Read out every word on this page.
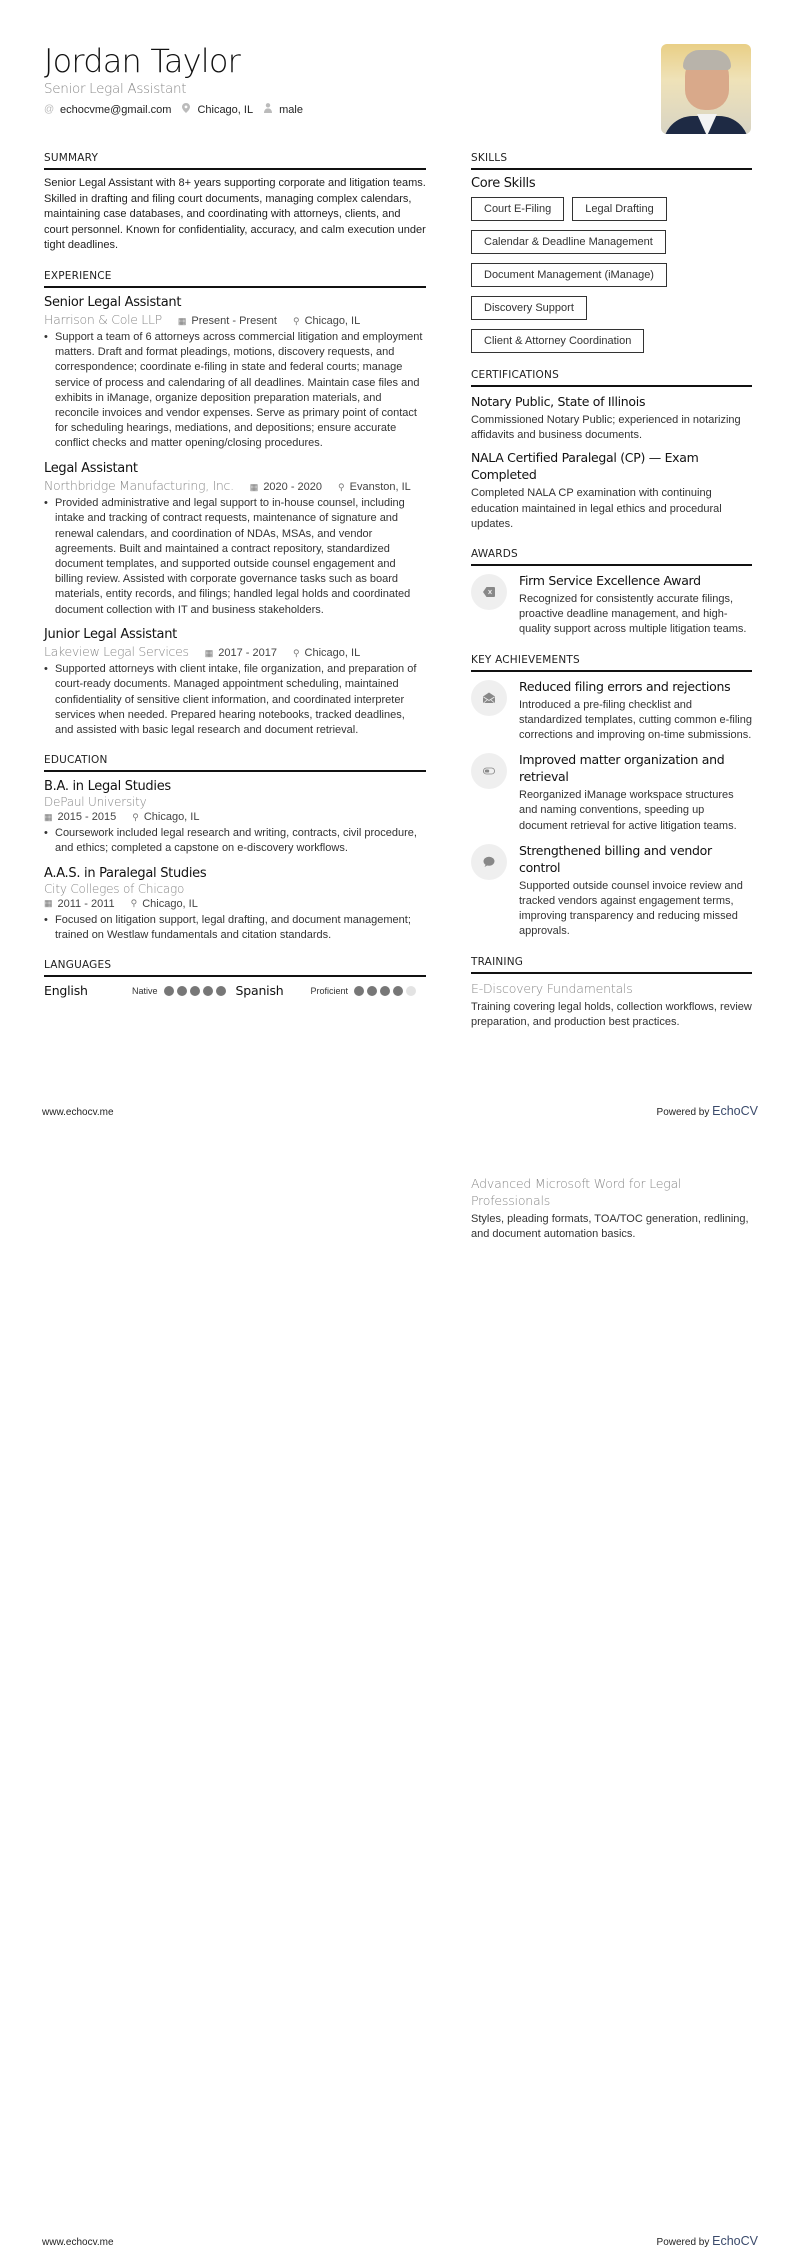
Jordan Taylor
Senior Legal Assistant
@ echocvme@gmail.com Chicago, IL male
SUMMARY
Senior Legal Assistant with 8+ years supporting corporate and litigation teams. Skilled in drafting and filing court documents, managing complex calendars, maintaining case databases, and coordinating with attorneys, clients, and court personnel. Known for confidentiality, accuracy, and calm execution under tight deadlines.
EXPERIENCE
Senior Legal Assistant
Harrison & Cole LLP ▦ Present - Present ⚲ Chicago, IL
• Support a team of 6 attorneys across commercial litigation and employment matters. Draft and format pleadings, motions, discovery requests, and correspondence; coordinate e-filing in state and federal courts; manage service of process and calendaring of all deadlines. Maintain case files and exhibits in iManage, organize deposition preparation materials, and reconcile invoices and vendor expenses. Serve as primary point of contact for scheduling hearings, mediations, and depositions; ensure accurate conflict checks and matter opening/closing procedures.
Legal Assistant
Northbridge Manufacturing, Inc. ▦ 2020 - 2020 ⚲ Evanston, IL
• Provided administrative and legal support to in-house counsel, including intake and tracking of contract requests, maintenance of signature and renewal calendars, and coordination of NDAs, MSAs, and vendor agreements. Built and maintained a contract repository, standardized document templates, and supported outside counsel engagement and billing review. Assisted with corporate governance tasks such as board materials, entity records, and filings; handled legal holds and coordinated document collection with IT and business stakeholders.
Junior Legal Assistant
Lakeview Legal Services ▦ 2017 - 2017 ⚲ Chicago, IL
• Supported attorneys with client intake, file organization, and preparation of court-ready documents. Managed appointment scheduling, maintained confidentiality of sensitive client information, and coordinated interpreter services when needed. Prepared hearing notebooks, tracked deadlines, and assisted with basic legal research and document retrieval.
EDUCATION
B.A. in Legal Studies
DePaul University
▦ 2015 - 2015 ⚲ Chicago, IL
• Coursework included legal research and writing, contracts, civil procedure, and ethics; completed a capstone on e-discovery workflows.
A.A.S. in Paralegal Studies
City Colleges of Chicago
▦ 2011 - 2011 ⚲ Chicago, IL
• Focused on litigation support, legal drafting, and document management; trained on Westlaw fundamentals and citation standards.
LANGUAGES
English	Native	Spanish	Proficient
SKILLS
Core Skills
Court E-Filing	Legal Drafting
Calendar & Deadline Management
Document Management (iManage)
Discovery Support
Client & Attorney Coordination
CERTIFICATIONS
Notary Public, State of Illinois
Commissioned Notary Public; experienced in notarizing affidavits and business documents.
NALA Certified Paralegal (CP) — Exam Completed
Completed NALA CP examination with continuing education maintained in legal ethics and procedural updates.
AWARDS
Firm Service Excellence Award
Recognized for consistently accurate filings, proactive deadline management, and high-quality support across multiple litigation teams.
KEY ACHIEVEMENTS
Reduced filing errors and rejections
Introduced a pre-filing checklist and standardized templates, cutting common e-filing corrections and improving on-time submissions.
Improved matter organization and retrieval
Reorganized iManage workspace structures and naming conventions, speeding up document retrieval for active litigation teams.
Strengthened billing and vendor control
Supported outside counsel invoice review and tracked vendors against engagement terms, improving transparency and reducing missed approvals.
TRAINING
E-Discovery Fundamentals
Training covering legal holds, collection workflows, review preparation, and production best practices.
www.echocv.me	Powered by EchoCV
Advanced Microsoft Word for Legal Professionals
Styles, pleading formats, TOA/TOC generation, redlining, and document automation basics.
www.echocv.me	Powered by EchoCV
